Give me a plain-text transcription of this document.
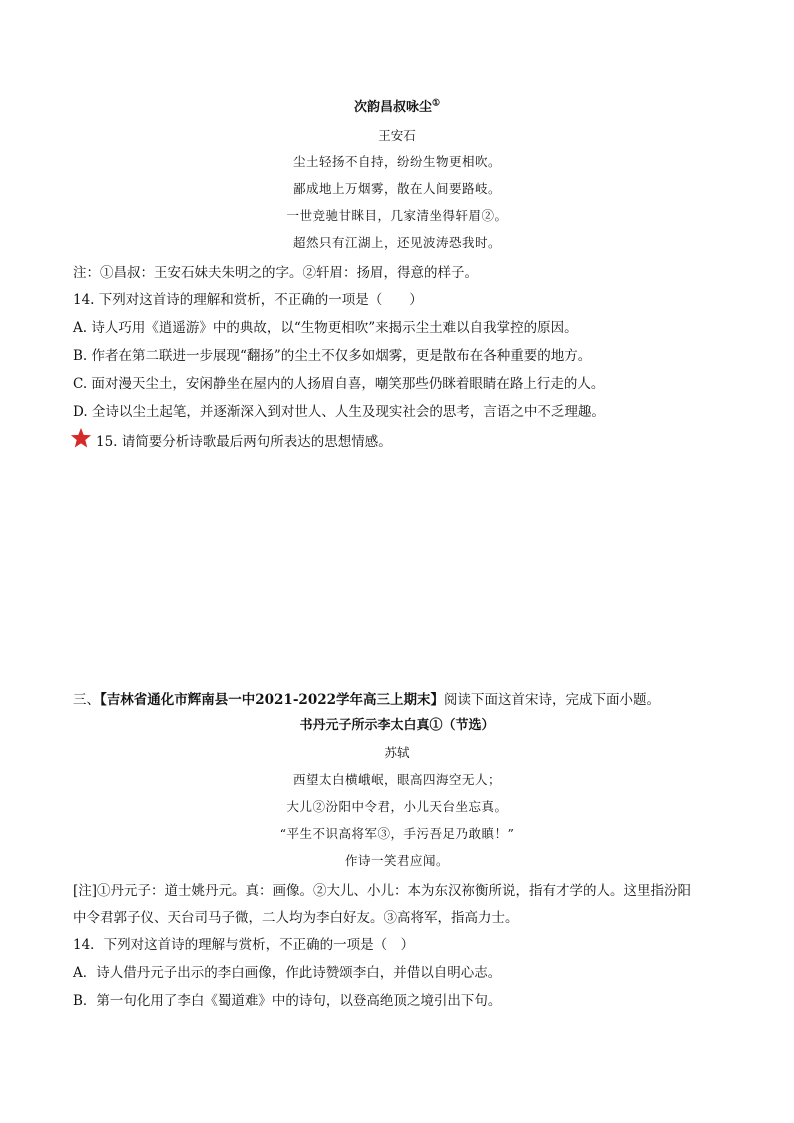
次韵昌叔咏尘①
王安石
尘土轻扬不自持，纷纷生物更相吹。
鄙成地上万烟雾，散在人间要路岐。
一世竞驰甘眯目，几家清坐得轩眉②。
超然只有江湖上，还见波涛恐我时。
注：①昌叔：王安石妹夫朱明之的字。②轩眉：扬眉，得意的样子。
14. 下列对这首诗的理解和赏析，不正确的一项是（　　）
A. 诗人巧用《逍遥游》中的典故，以“生物更相吹”来揭示尘土难以自我掌控的原因。
B. 作者在第二联进一步展现“翻扬”的尘土不仅多如烟雾，更是散布在各种重要的地方。
C. 面对漫天尘土，安闲静坐在屋内的人扬眉自喜，嘲笑那些仍眯着眼睛在路上行走的人。
D. 全诗以尘土起笔，并逐渐深入到对世人、人生及现实社会的思考，言语之中不乏理趣。
15. 请简要分析诗歌最后两句所表达的思想情感。
三、【吉林省通化市辉南县一中2021-2022学年高三上期末】阅读下面这首宋诗，完成下面小题。
书丹元子所示李太白真①（节选）
苏轼
西望太白横峨岷，眼高四海空无人；
大儿②汾阳中令君，小儿天台坐忘真。
“平生不识高将军③，手污吾足乃敢瞋！”
作诗一笑君应闻。
[注]①丹元子：道士姚丹元。真：画像。②大儿、小儿：本为东汉祢衡所说，指有才学的人。这里指汾阳
中令君郭子仪、天台司马子微，二人均为李白好友。③高将军，指高力士。
14．下列对这首诗的理解与赏析，不正确的一项是（　）
A．诗人借丹元子出示的李白画像，作此诗赞颂李白，并借以自明心志。
B．第一句化用了李白《蜀道难》中的诗句，以登高绝顶之境引出下句。
